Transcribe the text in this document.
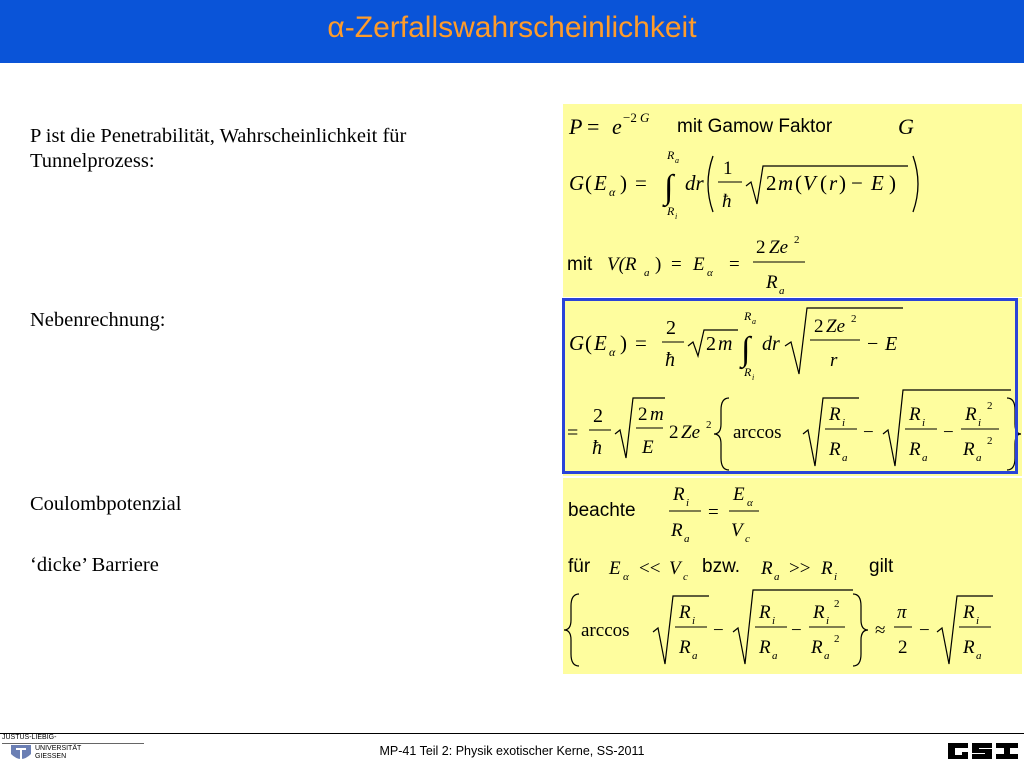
α-Zerfallswahrscheinlichkeit
P ist die Penetrabilität, Wahrscheinlichkeit für Tunnelprozess:
Nebenrechnung:
Coulombpotenzial
‘dicke’ Barriere
P = e −2 G mit Gamow Faktor	G
G ( E α ) =
R a
∫
R i
dr
1
ħ
2 m ( V ( r ) − E )
mit V(R a ) = E α =
2 Ze 2
R a
G ( E α ) =
2
ħ
2 m
R a
∫
R i
dr
2 Ze 2
r
− E
=
2
ħ
2 m
E
2 Ze 2 arccos
R i
R a
−
R i
R a
−
R i
2
R a
2
beachte
R i
R a
=
E α
V c
für E α << V c bzw. R a >> R i gilt
arccos
R i
R a
−
R i
R a
−
R i
2
R a
2 ≈
π
2
−
R i
R a
MP-41 Teil 2: Physik exotischer Kerne, SS-2011
JUSTUS-LIEBIG-
UNIVERSITÄT
GIESSEN
